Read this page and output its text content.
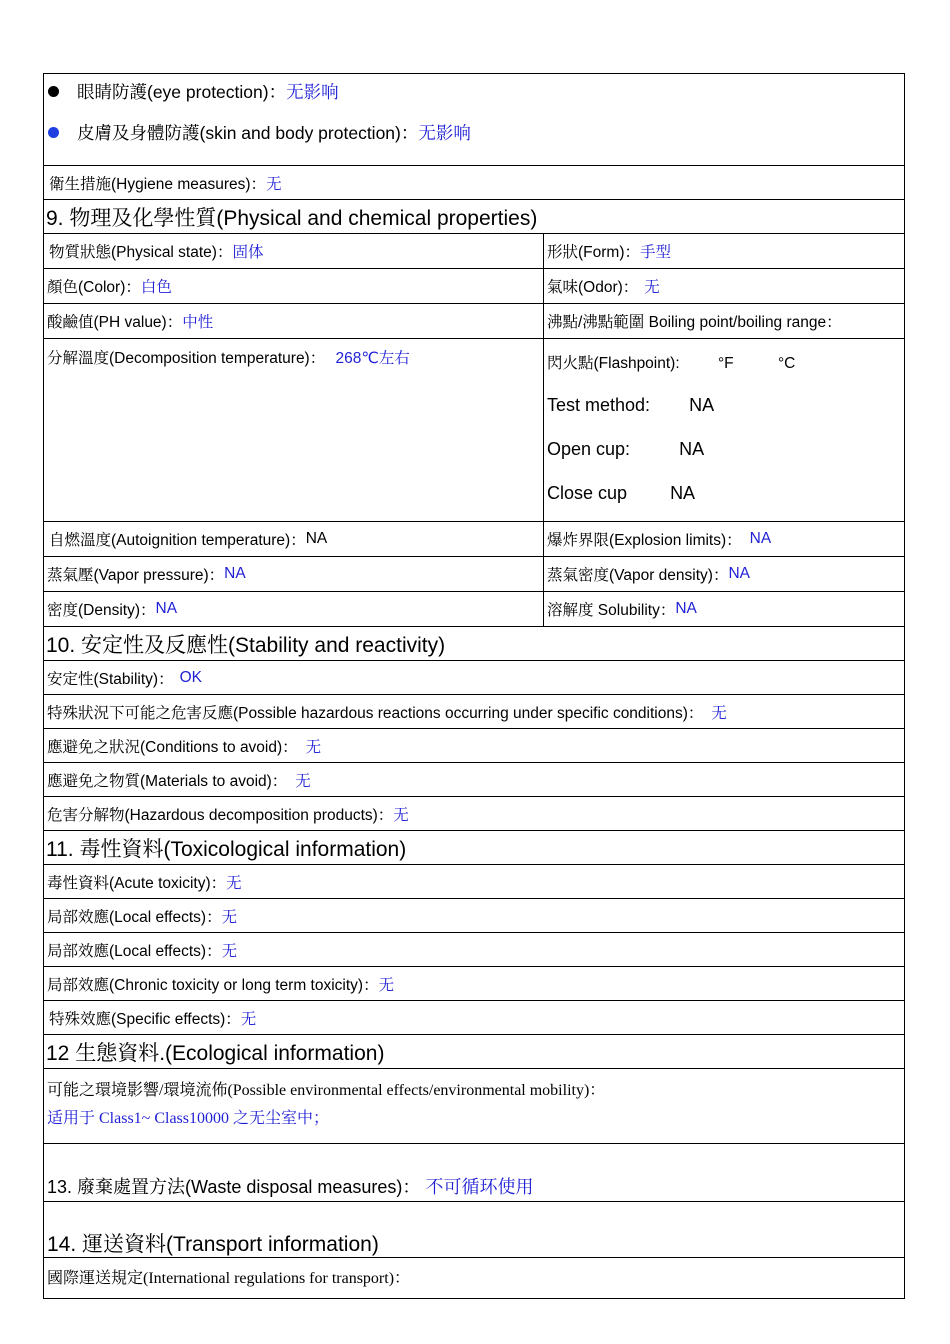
眼睛防護(eye protection)： 无影响
皮膚及身體防護(skin and body protection)： 无影响
衛生措施(Hygiene measures)： 无
9. 物理及化學性質(Physical and chemical properties)
物質狀態(Physical state)： 固体	形狀(Form)： 手型
顏色(Color)： 白色	氣味(Odor)： 无
酸鹼值(PH value)： 中性	沸點/沸點範圍 Boiling point/boiling range：
分解溫度(Decomposition temperature)： 268℃左右	閃火點(Flashpoint): °F	°C
Test method: NA
Open cup:	NA
Close cup NA
自燃溫度(Autoignition temperature)： NA	爆炸界限(Explosion limits)： NA
蒸氣壓(Vapor pressure)： NA	蒸氣密度(Vapor density)： NA
密度(Density)： NA	溶解度 Solubility： NA
10. 安定性及反應性(Stability and reactivity)
安定性(Stability)： OK
特殊狀況下可能之危害反應(Possible hazardous reactions occurring under specific conditions)： 无
應避免之狀況(Conditions to avoid)： 无
應避免之物質(Materials to avoid)： 无
危害分解物(Hazardous decomposition products)： 无
11. 毒性資料(Toxicological information)
毒性資料(Acute toxicity)： 无
局部效應(Local effects)： 无
局部效應(Local effects)： 无
局部效應(Chronic toxicity or long term toxicity)： 无
特殊效應(Specific effects)： 无
12 生態資料.(Ecological information)
可能之環境影響/環境流佈(Possible environmental effects/environmental mobility)：
适用于 Class1~ Class10000 之无尘室中；
13. 廢棄處置方法(Waste disposal measures)： 不可循环使用
14. 運送資料(Transport information)
國際運送規定(International regulations for transport)：
